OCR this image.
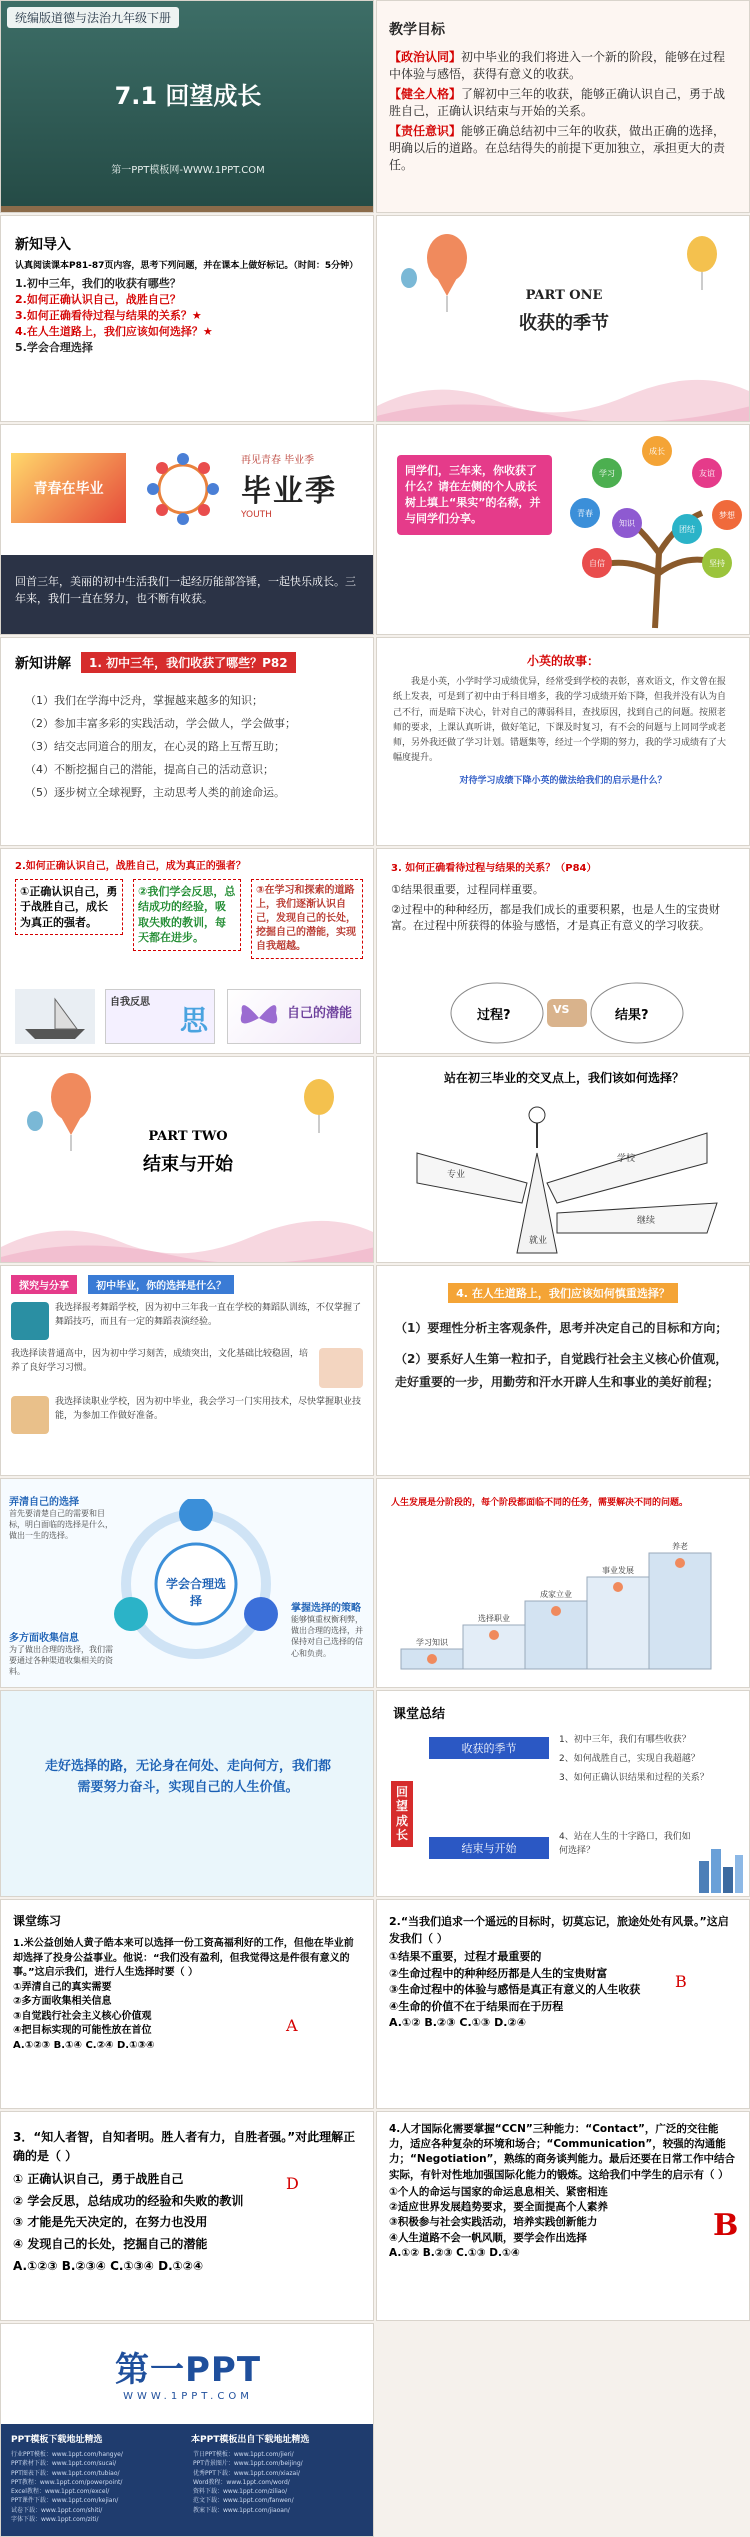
统编版道德与法治九年级下册
7.1 回望成长
第一PPT模板网-WWW.1PPT.COM
教学目标
【政治认同】初中毕业的我们将进入一个新的阶段，能够在过程中体验与感悟，获得有意义的收获。
【健全人格】了解初中三年的收获，能够正确认识自己，勇于战胜自己，正确认识结束与开始的关系。
【责任意识】能够正确总结初中三年的收获，做出正确的选择，明确以后的道路。在总结得失的前提下更加独立，承担更大的责任。
新知导入
认真阅读课本P81-87页内容，思考下列问题，并在课本上做好标记。（时间：5分钟）
1.初中三年，我们的收获有哪些？
2.如何正确认识自己，战胜自己？
3.如何正确看待过程与结果的关系？★
4.在人生道路上，我们应该如何选择？★
5.学会合理选择
PART ONE
收获的季节
青春在毕业
再见青春 毕业季
毕业季
YOUTH
回首三年，美丽的初中生活我们一起经历能部答锤，一起快乐成长。三年来，我们一直在努力，也不断有收获。
同学们，三年来，你收获了什么？请在左侧的个人成长树上填上“果实”的名称，并与同学们分享。
成长
学习	友谊
青春	梦想
知识
团结
自信	坚持
新知讲解	1. 初中三年，我们收获了哪些？P82
（1）我们在学海中泛舟，掌握越来越多的知识；
（2）参加丰富多彩的实践活动，学会做人，学会做事；
（3）结交志同道合的朋友，在心灵的路上互帮互助；
（4）不断挖掘自己的潜能，提高自己的活动意识；
（5）逐步树立全球视野，主动思考人类的前途命运。
小英的故事：
我是小英，小学时学习成绩优异，经常受到学校的表彰，喜欢语文，作文曾在报纸上发表，可是到了初中由于科目增多，我的学习成绩开始下降，但我并没有认为自己不行，而是暗下决心，针对自己的薄弱科目，查找原因，找到自己的问题。按照老师的要求，上课认真听讲，做好笔记，下课及时复习，有不会的问题与上同同学或老师，另外我还做了学习计划。错题集等，经过一个学期的努力，我的学习成绩有了大幅度提升。
对待学习成绩下降小英的做法给我们的启示是什么？
2.如何正确认识自己，战胜自己，成为真正的强者？
①正确认识自己，勇于战胜自己，成长为真正的强者。
②我们学会反思，总结成功的经验，吸取失败的教训，每天都在进步。
③在学习和探索的道路上，我们逐渐认识自己，发现自己的长处，挖掘自己的潜能，实现自我超越。
自我反思
思	自己的潜能
3. 如何正确看待过程与结果的关系？（P84）
①结果很重要，过程同样重要。
②过程中的种种经历，都是我们成长的重要积累，也是人生的宝贵财富。在过程中所获得的体验与感悟，才是真正有意义的学习收获。
过程?	VS	结果?
PART TWO
结束与开始
站在初三毕业的交叉点上，我们该如何选择？
学校
继续
专业
就业
探究与分享	初中毕业，你的选择是什么？
我选择报考舞蹈学校，因为初中三年我一直在学校的舞蹈队训练，不仅掌握了舞蹈技巧，而且有一定的舞蹈表演经验。
我选择读普通高中，因为初中学习刻苦，成绩突出，文化基础比较稳固，培养了良好学习习惯。
我选择读职业学校，因为初中毕业，我会学习一门实用技术，尽快掌握职业技能，为参加工作做好准备。
4. 在人生道路上，我们应该如何慎重选择？
（1）要理性分析主客观条件，思考并决定自己的目标和方向；
（2）要系好人生第一粒扣子，自觉践行社会主义核心价值观，走好重要的一步，用勤劳和汗水开辟人生和事业的美好前程；
学会合理选择
弄清自己的选择
首先要清楚自己的需要和目标，明白面临的选择是什么，做出一生的选择。
多方面收集信息
为了做出合理的选择，我们需要通过各种渠道收集相关的资料。
掌握选择的策略
能够慎重权衡利弊，做出合理的选择，并保持对自己选择的信心和负责。
人生发展是分阶段的，每个阶段都面临不同的任务，需要解决不同的问题。
学习知识
选择职业
成家立业
事业发展
养老
走好选择的路，无论身在何处、走向何方，我们都需要努力奋斗，实现自己的人生价值。
课堂总结
回望成长
收获的季节
结束与开始
1、初中三年，我们有哪些收获？
2、如何战胜自己，实现自我超越？
3、如何正确认识结果和过程的关系？
4、站在人生的十字路口，我们如何选择？
课堂练习
1.米公益创始人黄子皓本来可以选择一份工资高福利好的工作，但他在毕业前却选择了投身公益事业。他说：“我们没有盈利，但我觉得这是件很有意义的事。”这启示我们，进行人生选择时要（ ）
①弄清自己的真实需要
②多方面收集相关信息
③自觉践行社会主义核心价值观
④把目标实现的可能性放在首位
A.①②③ B.①④ C.②④ D.①③④
A
2.“当我们追求一个遥远的目标时，切莫忘记，旅途处处有风景。”这启发我们（ ）
①结果不重要，过程才最重要的
②生命过程中的种种经历都是人生的宝贵财富
③生命过程中的体验与感悟是真正有意义的人生收获
④生命的价值不在于结果而在于历程
A.①② B.②③ C.①③ D.②④
B
3．“知人者智，自知者明。胜人者有力，自胜者强。”对此理解正确的是（ ）
① 正确认识自己，勇于战胜自己
② 学会反思，总结成功的经验和失败的教训
③ 才能是先天决定的，在努力也没用
④ 发现自己的长处，挖掘自己的潜能
A.①②③ B.②③④ C.①③④ D.①②④
D
4.人才国际化需要掌握“CCN”三种能力：“Contact”，广泛的交往能力，适应各种复杂的环境和场合；“Communication”，较强的沟通能力；“Negotiation”，熟练的商务谈判能力。最后还要在日常工作中结合实际，有针对性地加强国际化能力的锻炼。这给我们中学生的启示有（ ）
①个人的命运与国家的命运息息相关、紧密相连
②适应世界发展趋势要求，要全面提高个人素养
③积极参与社会实践活动，培养实践创新能力
④人生道路不会一帆风顺，要学会作出选择
A.①② B.②③ C.①③ D.①④
B
第一PPT
WWW.1PPT.COM
PPT模板下载地址精选	本PPT模板出自下载地址精选
行业PPT模板：www.1ppt.com/hangye/	节日PPT模板：www.1ppt.com/jieri/
PPT素材下载：www.1ppt.com/sucai/	PPT背景图片：www.1ppt.com/beijing/
PPT图表下载：www.1ppt.com/tubiao/	优秀PPT下载：www.1ppt.com/xiazai/
PPT教程：www.1ppt.com/powerpoint/	Word教程：www.1ppt.com/word/
Excel教程：www.1ppt.com/excel/	资料下载：www.1ppt.com/ziliao/
PPT课件下载：www.1ppt.com/kejian/	范文下载：www.1ppt.com/fanwen/
试卷下载：www.1ppt.com/shiti/	教案下载：www.1ppt.com/jiaoan/
字体下载：www.1ppt.com/ziti/
